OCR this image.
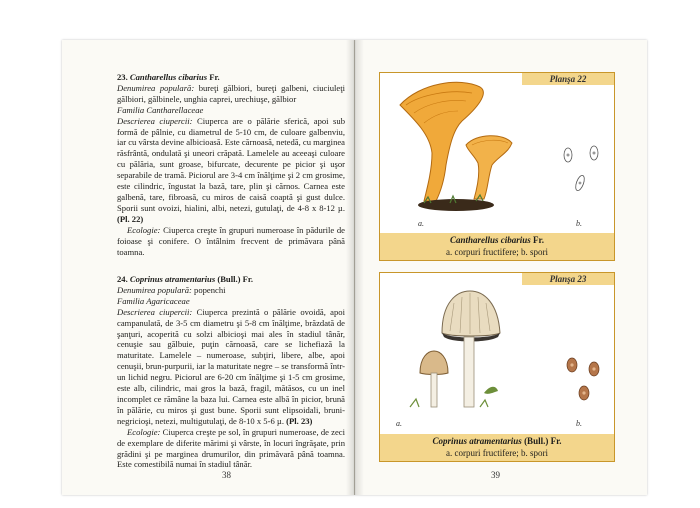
23. Cantharellus cibarius Fr.

Denumirea populară: bureţi gălbiori, bureţi galbeni, ciuciuleţi gălbiori, gălbinele, unghia caprei, urechiuşe, gălbior

Familia Cantharellaceae

Descrierea ciupercii: Ciuperca are o pălărie sferică, apoi sub formă de pâlnie, cu diametrul de 5-10 cm, de culoare galbenviu, iar cu vârsta devine albicioasă. Este cărnoasă, netedă, cu marginea răsfrântă, ondulată şi uneori crăpată. Lamelele au aceeaşi culoare cu pălăria, sunt groase, bifurcate, decurente pe picior şi uşor separabile de tramă. Piciorul are 3-4 cm înălţime şi 2 cm grosime, este cilindric, îngustat la bază, tare, plin şi cărnos. Carnea este galbenă, tare, fibroasă, cu miros de caisă coaptă şi gust dulce. Sporii sunt ovoizi, hialini, albi, netezi, gutulaţi, de 4-8 x 8-12 µ. (Pl. 22)

Ecologie: Ciuperca creşte în grupuri numeroase în pădurile de foioase şi conifere. O întâlnim frecvent de primăvara până toamna.

24. Coprinus atramentarius (Bull.) Fr.

Denumirea populară: popenchi

Familia Agaricaceae

Descrierea ciupercii: Ciuperca prezintă o pălărie ovoidă, apoi campanulată, de 3-5 cm diametru şi 5-8 cm înălţime, brăzdată de şanţuri, acoperită cu solzi albicioşi mai ales în stadiul tânăr, cenuşie sau gălbuie, puţin cărnoasă, care se lichefiază la maturitate. Lamelele – numeroase, subţiri, libere, albe, apoi cenuşii, brun-purpurii, iar la maturitate negre – se transformă într-un lichid negru. Piciorul are 6-20 cm înălţime şi 1-5 cm grosime, este alb, cilindric, mai gros la bază, fragil, mătăsos, cu un inel incomplet ce rămâne la baza lui. Carnea este albă în picior, brună în pălărie, cu miros şi gust bune. Sporii sunt elipsoidali, bruni-negricioşi, netezi, multigutulaţi, de 8-10 x 5-6 µ. (Pl. 23)

Ecologie: Ciuperca creşte pe sol, în grupuri numeroase, de zeci de exemplare de diferite mărimi şi vârste, în locuri îngrăşate, prin grădini şi pe marginea drumurilor, din primăvară până toamna. Este comestibilă numai în stadiul tânăr.

38
Planşa 22
a.	b.
Cantharellus cibarius Fr.
a. corpuri fructifere; b. spori
Planşa 23
a.	b.
Coprinus atramentarius (Bull.) Fr.
a. corpuri fructifere; b. spori
39
